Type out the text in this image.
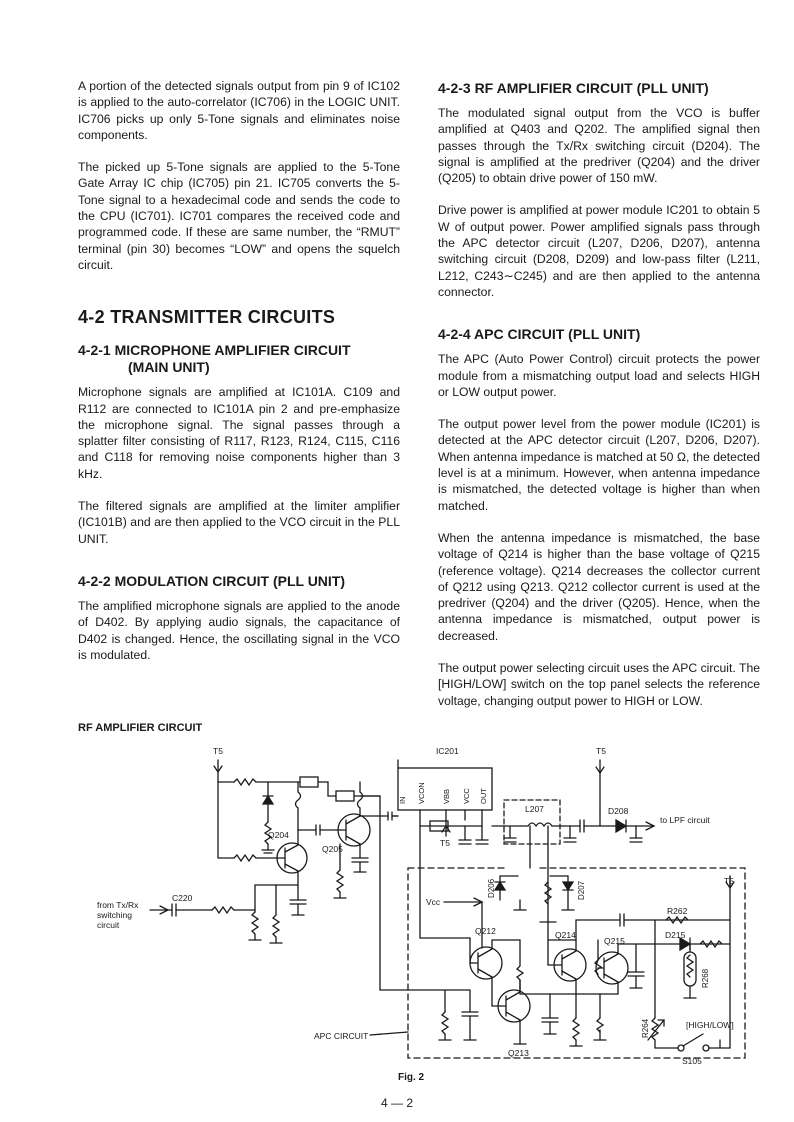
A portion of the detected signals output from pin 9 of IC102 is applied to the auto-correlator (IC706) in the LOGIC UNIT. IC706 picks up only 5-Tone signals and eliminates noise components.

The picked up 5-Tone signals are applied to the 5-Tone Gate Array IC chip (IC705) pin 21. IC705 converts the 5-Tone signal to a hexadecimal code and sends the code to the CPU (IC701). IC701 compares the received code and programmed code. If these are same number, the “RMUT” terminal (pin 30) becomes “LOW” and opens the squelch circuit.

4-2 TRANSMITTER CIRCUITS
4-2-1 MICROPHONE AMPLIFIER CIRCUIT
(MAIN UNIT)

Microphone signals are amplified at IC101A. C109 and R112 are connected to IC101A pin 2 and pre-emphasize the microphone signal. The signal passes through a splatter filter consisting of R117, R123, R124, C115, C116 and C118 for removing noise components higher than 3 kHz.

The filtered signals are amplified at the limiter amplifier (IC101B) and are then applied to the VCO circuit in the PLL UNIT.

4-2-2 MODULATION CIRCUIT (PLL UNIT)

The amplified microphone signals are applied to the anode of D402. By applying audio signals, the capacitance of D402 is changed. Hence, the oscillating signal in the VCO is modulated.

4-2-3 RF AMPLIFIER CIRCUIT (PLL UNIT)

The modulated signal output from the VCO is buffer amplified at Q403 and Q202. The amplified signal then passes through the Tx/Rx switching circuit (D204). The signal is amplified at the predriver (Q204) and the driver (Q205) to obtain drive power of 150 mW.

Drive power is amplified at power module IC201 to obtain 5 W of output power. Power amplified signals pass through the APC detector circuit (L207, D206, D207), antenna switching circuit (D208, D209) and low-pass filter (L211, L212, C243∼C245) and are then applied to the antenna connector.

4-2-4 APC CIRCUIT (PLL UNIT)

The APC (Auto Power Control) circuit protects the power module from a mismatching output load and selects HIGH or LOW output power.

The output power level from the power module (IC201) is detected at the APC detector circuit (L207, D206, D207). When antenna impedance is matched at 50 Ω, the detected level is at a minimum. However, when antenna impedance is mismatched, the detected voltage is higher than when matched.

When the antenna impedance is mismatched, the base voltage of Q214 is higher than the base voltage of Q215 (reference voltage). Q214 decreases the collector current of Q212 using Q213. Q212 collector current is used at the predriver (Q204) and the driver (Q205). Hence, when the antenna impedance is mismatched, output power is decreased.

The output power selecting circuit uses the APC circuit. The [HIGH/LOW] switch on the top panel selects the reference voltage, changing output power to HIGH or LOW.

RF AMPLIFIER CIRCUIT
T5	IC201	T5
IN VCON VBB VCC OUT
T5
L207	D208
to LPF circuit
Q204
Q205
from Tx/Rx
switching
circuit
C220	Vcc
D206	D207
Q212	Q214
Q215
T5
R262
D215
R268
R264	[HIGH/LOW]
S105
Q213
APC CIRCUIT
Fig. 2
4 — 2
